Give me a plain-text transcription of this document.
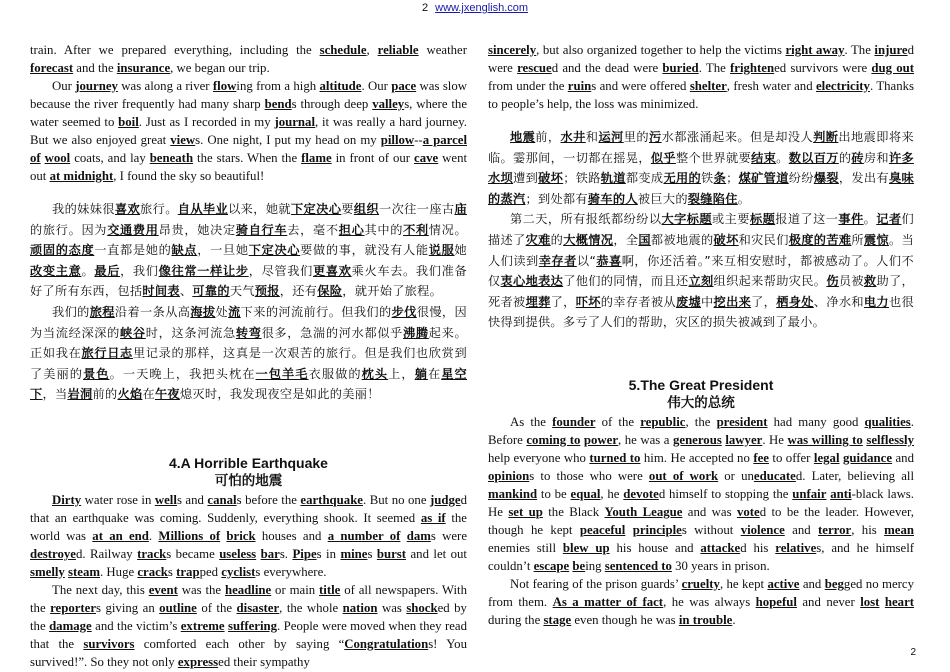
2 www.jxenglish.com

train. After we prepared everything, including the schedule, reliable weather forecast and the insurance, we began our trip.

Our journey was along a river flowing from a high altitude. Our pace was slow because the river frequently had many sharp bends through deep valleys, where the water seemed to boil. Just as I recorded in my journal, it was really a hard journey. But we also enjoyed great views. One night, I put my head on my pillow--a parcel of wool coats, and lay beneath the stars. When the flame in front of our cave went out at midnight, I found the sky so beautiful!

我的妹妹很喜欢旅行。自从毕业以来，她就下定决心要组织一次往一座古庙的旅行。因为交通费用昂贵，她决定骑自行车去，毫不担心其中的不利情况。顽固的态度一直都是她的缺点，一旦她下定决心要做的事，就没有人能说服她改变主意。最后，我们像往常一样让步，尽管我们更喜欢乘火车去。我们准备好了所有东西，包括时间表、可靠的天气预报，还有保险，就开始了旅程。

我们的旅程沿着一条从高海拔处流下来的河流前行。但我们的步伐很慢，因为当流经深深的峡谷时，这条河流急转弯很多，急湍的河水都似乎沸腾起来。正如我在旅行日志里记录的那样，这真是一次艰苦的旅行。但是我们也欣赏到了美丽的景色。一天晚上，我把头枕在一包羊毛衣服做的枕头上，躺在星空下，当岩洞前的火焰在午夜熄灭时，我发现夜空是如此的美丽！

4.A Horrible Earthquake
可怕的地震

Dirty water rose in wells and canals before the earthquake. But no one judged that an earthquake was coming. Suddenly, everything shook. It seemed as if the world was at an end. Millions of brick houses and a number of dams were destroyed. Railway tracks became useless bars. Pipes in mines burst and let out smelly steam. Huge cracks trapped cyclists everywhere.

The next day, this event was the headline or main title of all newspapers. With the reporters giving an outline of the disaster, the whole nation was shocked by the damage and the victim’s extreme suffering. People were moved when they read that the survivors comforted each other by saying “Congratulations! You survived!”. So they not only expressed their sympathy

sincerely, but also organized together to help the victims right away. The injured were rescued and the dead were buried. The frightened survivors were dug out from under the ruins and were offered shelter, fresh water and electricity. Thanks to people’s help, the loss was minimized.

地震前，水井和运河里的污水都涨涌起来。但是却没人判断出地震即将来临。霎那间，一切都在摇晃，似乎整个世界就要结束。数以百万的砖房和许多水坝遭到破坏；铁路轨道都变成无用的铁条；煤矿管道纷纷爆裂，发出有臭味的蒸汽；到处都有骑车的人被巨大的裂缝陷住。

第二天，所有报纸都纷纷以大字标题或主要标题报道了这一事件。记者们描述了灾难的大概情况，全国都被地震的破坏和灾民们极度的苦难所震惊。当人们读到幸存者以“恭喜啊，你还活着。”来互相安慰时，都被感动了。人们不仅衷心地表达了他们的同情，而且还立刻组织起来帮助灾民。伤员被救助了，死者被埋葬了，吓坏的幸存者被从废墟中挖出来了，栖身处、净水和电力也很快得到提供。多亏了人们的帮助，灾区的损失被减到了最小。

5.The Great President
伟大的总统

As the founder of the republic, the president had many good qualities. Before coming to power, he was a generous lawyer. He was willing to selflessly help everyone who turned to him. He accepted no fee to offer legal guidance and opinions to those who were out of work or uneducated. Later, believing all mankind to be equal, he devoted himself to stopping the unfair anti-black laws. He set up the Black Youth League and was voted to be the leader. However, though he kept peaceful principles without violence and terror, his mean enemies still blew up his house and attacked his relatives, and he himself couldn’t escape being sentenced to 30 years in prison.

Not fearing of the prison guards’ cruelty, he kept active and begged no mercy from them. As a matter of fact, he was always hopeful and never lost heart during the stage even though he was in trouble.

2
